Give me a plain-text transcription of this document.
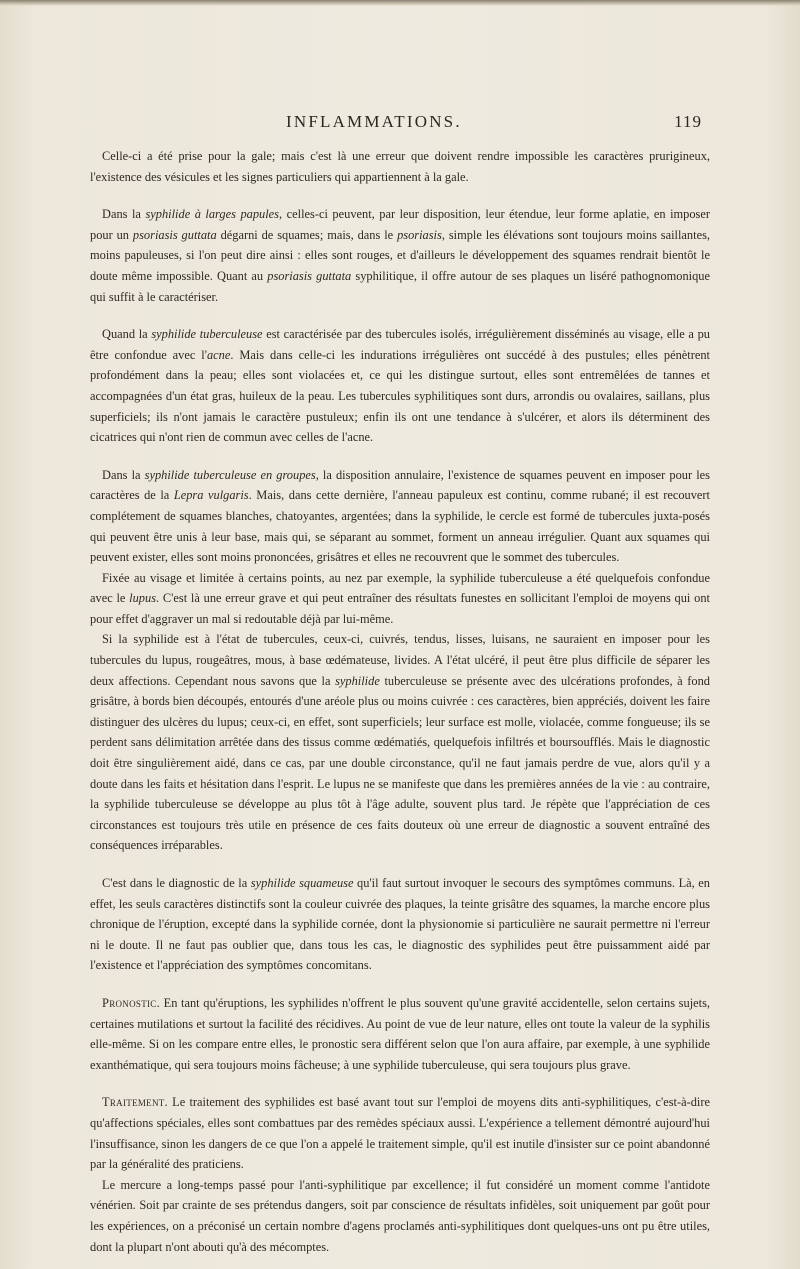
INFLAMMATIONS.	119

Celle-ci a été prise pour la gale; mais c'est là une erreur que doivent rendre impossible les caractères prurigineux, l'existence des vésicules et les signes particuliers qui appartiennent à la gale.

Dans la syphilide à larges papules, celles-ci peuvent, par leur disposition, leur étendue, leur forme aplatie, en imposer pour un psoriasis guttata dégarni de squames; mais, dans le psoriasis, simple les élévations sont toujours moins saillantes, moins papuleuses, si l'on peut dire ainsi : elles sont rouges, et d'ailleurs le développement des squames rendrait bientôt le doute même impossible. Quant au psoriasis guttata syphilitique, il offre autour de ses plaques un liséré pathognomonique qui suffit à le caractériser.

Quand la syphilide tuberculeuse est caractérisée par des tubercules isolés, irrégulièrement disséminés au visage, elle a pu être confondue avec l'acne. Mais dans celle-ci les indurations irrégulières ont succédé à des pustules; elles pénètrent profondément dans la peau; elles sont violacées et, ce qui les distingue surtout, elles sont entremêlées de tannes et accompagnées d'un état gras, huileux de la peau. Les tubercules syphilitiques sont durs, arrondis ou ovalaires, saillans, plus superficiels; ils n'ont jamais le caractère pustuleux; enfin ils ont une tendance à s'ulcérer, et alors ils déterminent des cicatrices qui n'ont rien de commun avec celles de l'acne.

Dans la syphilide tuberculeuse en groupes, la disposition annulaire, l'existence de squames peuvent en imposer pour les caractères de la Lepra vulgaris. Mais, dans cette dernière, l'anneau papuleux est continu, comme rubané; il est recouvert complétement de squames blanches, chatoyantes, argentées; dans la syphilide, le cercle est formé de tubercules juxta-posés qui peuvent être unis à leur base, mais qui, se séparant au sommet, forment un anneau irrégulier. Quant aux squames qui peuvent exister, elles sont moins prononcées, grisâtres et elles ne recouvrent que le sommet des tubercules.

Fixée au visage et limitée à certains points, au nez par exemple, la syphilide tuberculeuse a été quelquefois confondue avec le lupus. C'est là une erreur grave et qui peut entraîner des résultats funestes en sollicitant l'emploi de moyens qui ont pour effet d'aggraver un mal si redoutable déjà par lui-même.

Si la syphilide est à l'état de tubercules, ceux-ci, cuivrés, tendus, lisses, luisans, ne sauraient en imposer pour les tubercules du lupus, rougeâtres, mous, à base œdémateuse, livides. A l'état ulcéré, il peut être plus difficile de séparer les deux affections. Cependant nous savons que la syphilide tuberculeuse se présente avec des ulcérations profondes, à fond grisâtre, à bords bien découpés, entourés d'une aréole plus ou moins cuivrée : ces caractères, bien appréciés, doivent les faire distinguer des ulcères du lupus; ceux-ci, en effet, sont superficiels; leur surface est molle, violacée, comme fongueuse; ils se perdent sans délimitation arrêtée dans des tissus comme œdématiés, quelquefois infiltrés et boursoufflés. Mais le diagnostic doit être singulièrement aidé, dans ce cas, par une double circonstance, qu'il ne faut jamais perdre de vue, alors qu'il y a doute dans les faits et hésitation dans l'esprit. Le lupus ne se manifeste que dans les premières années de la vie : au contraire, la syphilide tuberculeuse se développe au plus tôt à l'âge adulte, souvent plus tard. Je répète que l'appréciation de ces circonstances est toujours très utile en présence de ces faits douteux où une erreur de diagnostic a souvent entraîné des conséquences irréparables.

C'est dans le diagnostic de la syphilide squameuse qu'il faut surtout invoquer le secours des symptômes communs. Là, en effet, les seuls caractères distinctifs sont la couleur cuivrée des plaques, la teinte grisâtre des squames, la marche encore plus chronique de l'éruption, excepté dans la syphilide cornée, dont la physionomie si particulière ne saurait permettre ni l'erreur ni le doute. Il ne faut pas oublier que, dans tous les cas, le diagnostic des syphilides peut être puissamment aidé par l'existence et l'appréciation des symptômes concomitans.

Pronostic. En tant qu'éruptions, les syphilides n'offrent le plus souvent qu'une gravité accidentelle, selon certains sujets, certaines mutilations et surtout la facilité des récidives. Au point de vue de leur nature, elles ont toute la valeur de la syphilis elle-même. Si on les compare entre elles, le pronostic sera différent selon que l'on aura affaire, par exemple, à une syphilide exanthématique, qui sera toujours moins fâcheuse; à une syphilide tuberculeuse, qui sera toujours plus grave.

Traitement. Le traitement des syphilides est basé avant tout sur l'emploi de moyens dits anti-syphilitiques, c'est-à-dire qu'affections spéciales, elles sont combattues par des remèdes spéciaux aussi. L'expérience a tellement démontré aujourd'hui l'insuffisance, sinon les dangers de ce que l'on a appelé le traitement simple, qu'il est inutile d'insister sur ce point abandonné par la généralité des praticiens.

Le mercure a long-temps passé pour l'anti-syphilitique par excellence; il fut considéré un moment comme l'antidote vénérien. Soit par crainte de ses prétendus dangers, soit par conscience de résultats infidèles, soit uniquement par goût pour les expériences, on a préconisé un certain nombre d'agens proclamés anti-syphilitiques dont quelques-uns ont pu être utiles, dont la plupart n'ont abouti qu'à des mécomptes.
